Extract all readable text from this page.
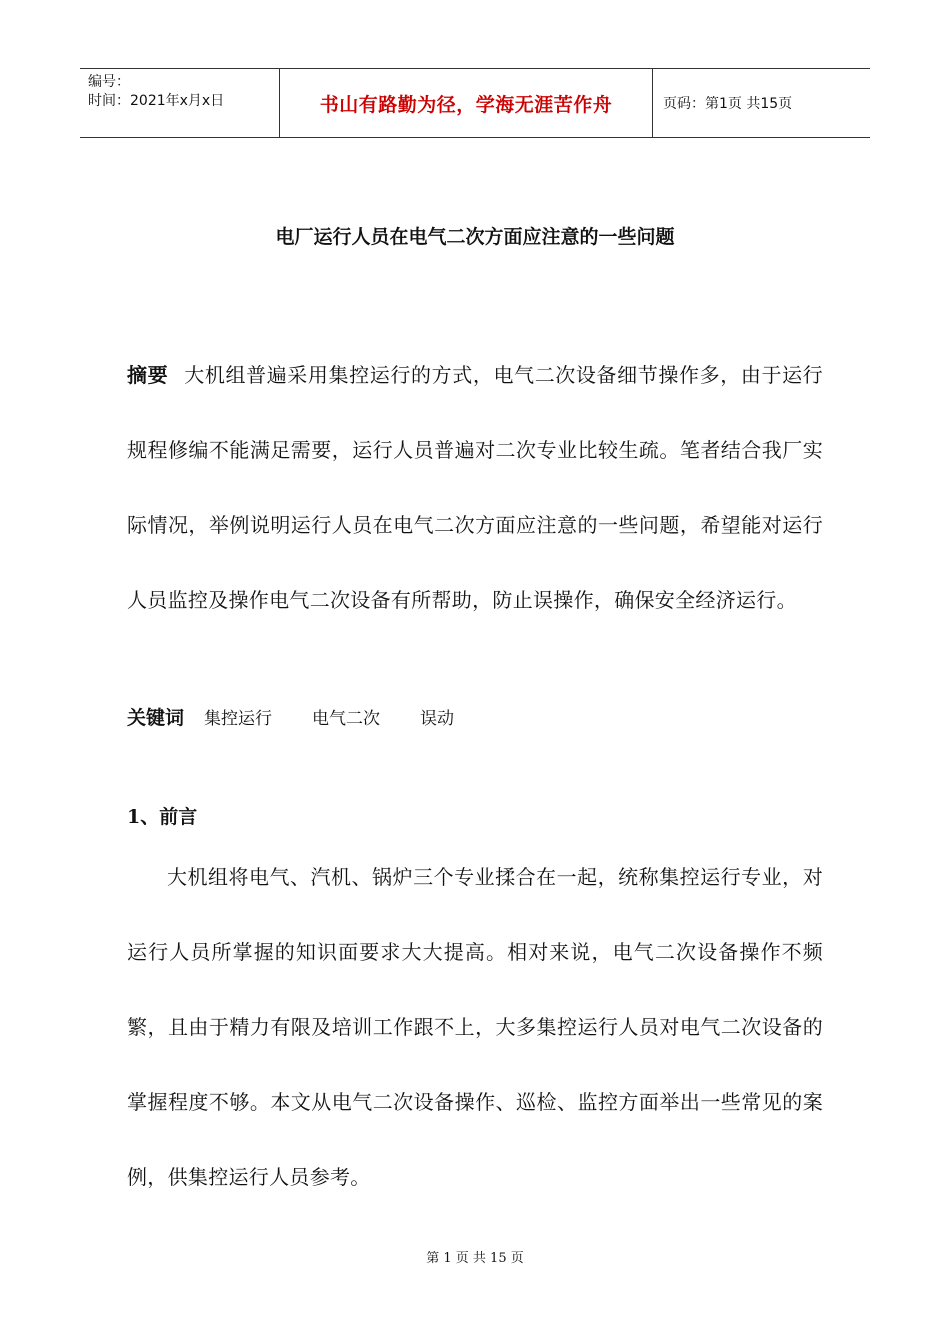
编号：
时间：2021年x月x日	书山有路勤为径，学海无涯苦作舟	页码：第1页 共15页
电厂运行人员在电气二次方面应注意的一些问题
摘要 大机组普遍采用集控运行的方式，电气二次设备细节操作多，由于运行规程修编不能满足需要，运行人员普遍对二次专业比较生疏。笔者结合我厂实际情况，举例说明运行人员在电气二次方面应注意的一些问题，希望能对运行人员监控及操作电气二次设备有所帮助，防止误操作，确保安全经济运行。
关键词 集控运行 电气二次 误动
1、前言
大机组将电气、汽机、锅炉三个专业揉合在一起，统称集控运行专业，对运行人员所掌握的知识面要求大大提高。相对来说，电气二次设备操作不频繁，且由于精力有限及培训工作跟不上，大多集控运行人员对电气二次设备的掌握程度不够。本文从电气二次设备操作、巡检、监控方面举出一些常见的案例，供集控运行人员参考。
第 1 页 共 15 页
